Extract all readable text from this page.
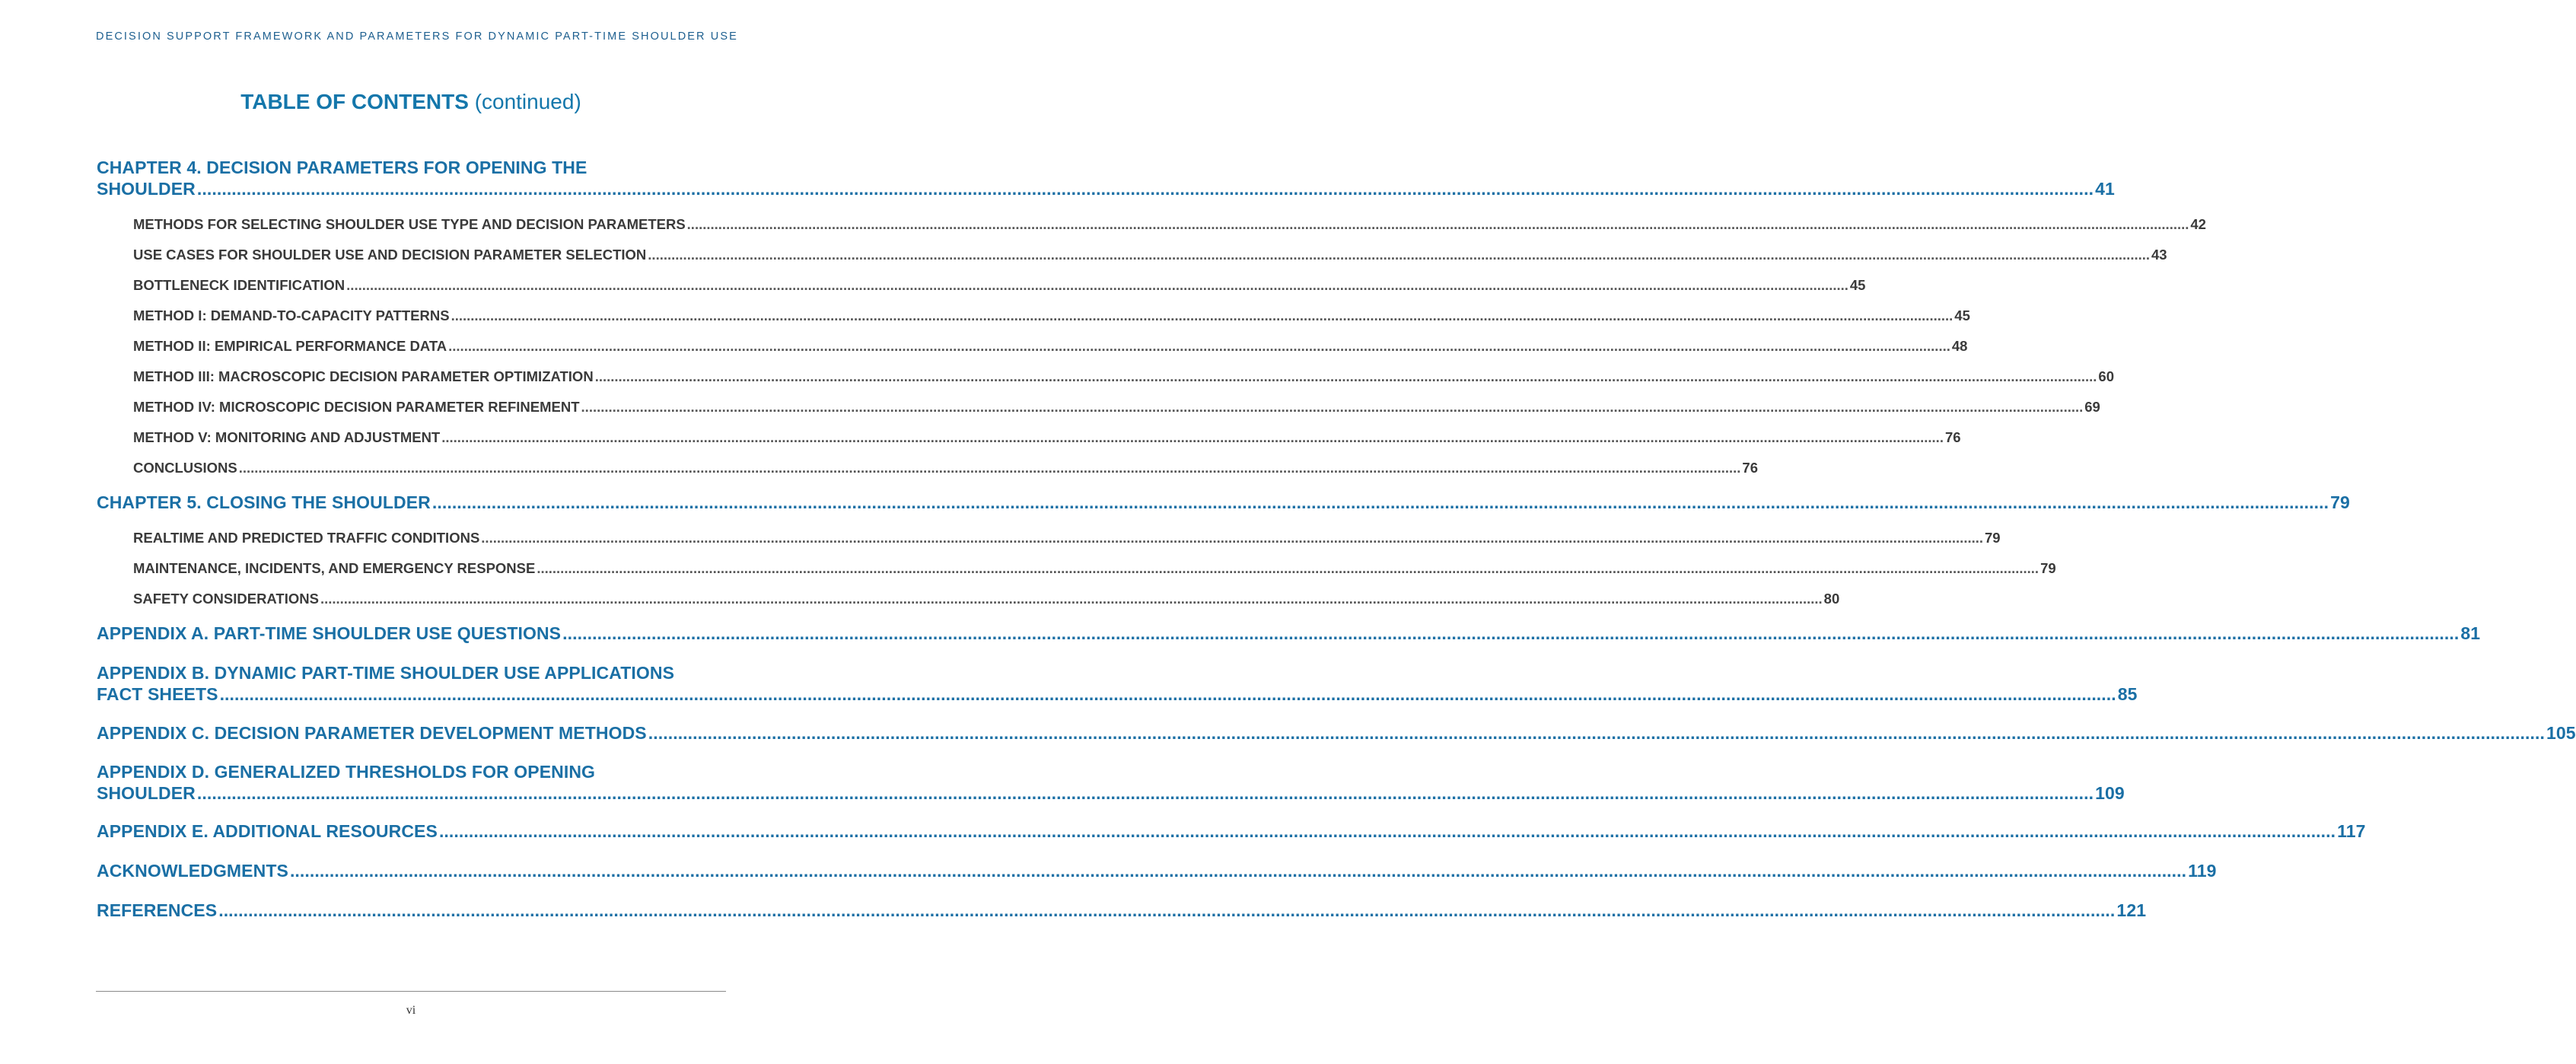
DECISION SUPPORT FRAMEWORK AND PARAMETERS FOR DYNAMIC PART-TIME SHOULDER USE
TABLE OF CONTENTS (continued)
CHAPTER 4. DECISION PARAMETERS FOR OPENING THE
SHOULDER .....	41
METHODS FOR SELECTING SHOULDER USE TYPE AND DECISION PARAMETERS .....	42
USE CASES FOR SHOULDER USE AND DECISION PARAMETER SELECTION .....	43
BOTTLENECK IDENTIFICATION .....	45
METHOD I: DEMAND-TO-CAPACITY PATTERNS .....	45
METHOD II: EMPIRICAL PERFORMANCE DATA .....	48
METHOD III: MACROSCOPIC DECISION PARAMETER OPTIMIZATION .....	60
METHOD IV: MICROSCOPIC DECISION PARAMETER REFINEMENT .....	69
METHOD V: MONITORING AND ADJUSTMENT .....	76
CONCLUSIONS .....	76
CHAPTER 5. CLOSING THE SHOULDER .....	79
REALTIME AND PREDICTED TRAFFIC CONDITIONS .....	79
MAINTENANCE, INCIDENTS, AND EMERGENCY RESPONSE .....	79
SAFETY CONSIDERATIONS .....	80
APPENDIX A. PART-TIME SHOULDER USE QUESTIONS .....	81
APPENDIX B. DYNAMIC PART-TIME SHOULDER USE APPLICATIONS
FACT SHEETS .....	85
APPENDIX C. DECISION PARAMETER DEVELOPMENT METHODS .....	105
APPENDIX D. GENERALIZED THRESHOLDS FOR OPENING
SHOULDER .....	109
APPENDIX E. ADDITIONAL RESOURCES .....	117
ACKNOWLEDGMENTS .....	119
REFERENCES .....	121
vi
